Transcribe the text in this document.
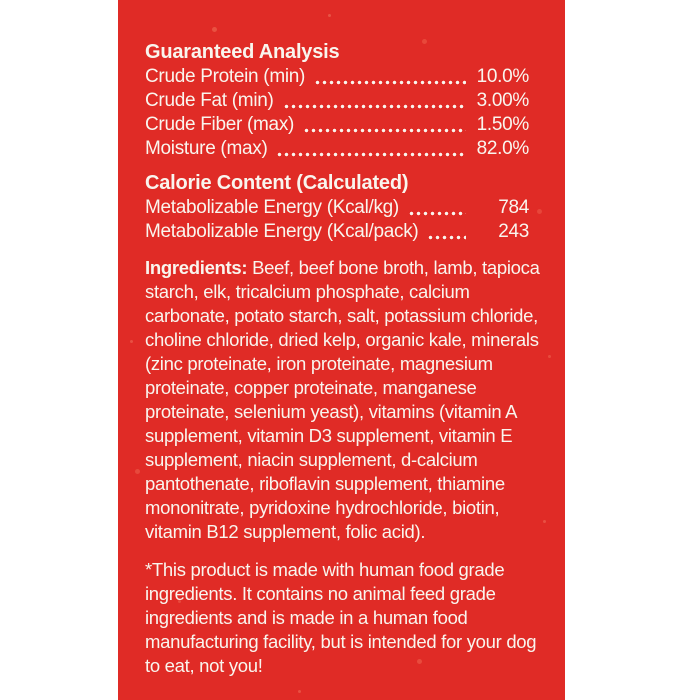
Guaranteed Analysis
Crude Protein (min)	10.0%
Crude Fat (min)	3.00%
Crude Fiber (max)	1.50%
Moisture (max)	82.0%
Calorie Content (Calculated)
Metabolizable Energy (Kcal/kg)	784
Metabolizable Energy (Kcal/pack)	243

Ingredients: Beef, beef bone broth, lamb, tapioca starch, elk, tricalcium phosphate, calcium carbonate, potato starch, salt, potassium chloride, choline chloride, dried kelp, organic kale, minerals (zinc proteinate, iron proteinate, magnesium proteinate, copper proteinate, manganese proteinate, selenium yeast), vitamins (vitamin A supplement, vitamin D3 supplement, vitamin E supplement, niacin supplement, d-calcium pantothenate, riboflavin supplement, thiamine mononitrate, pyridoxine hydrochloride, biotin, vitamin B12 supplement, folic acid).

*This product is made with human food grade ingredients. It contains no animal feed grade ingredients and is made in a human food manufacturing facility, but is intended for your dog to eat, not you!
